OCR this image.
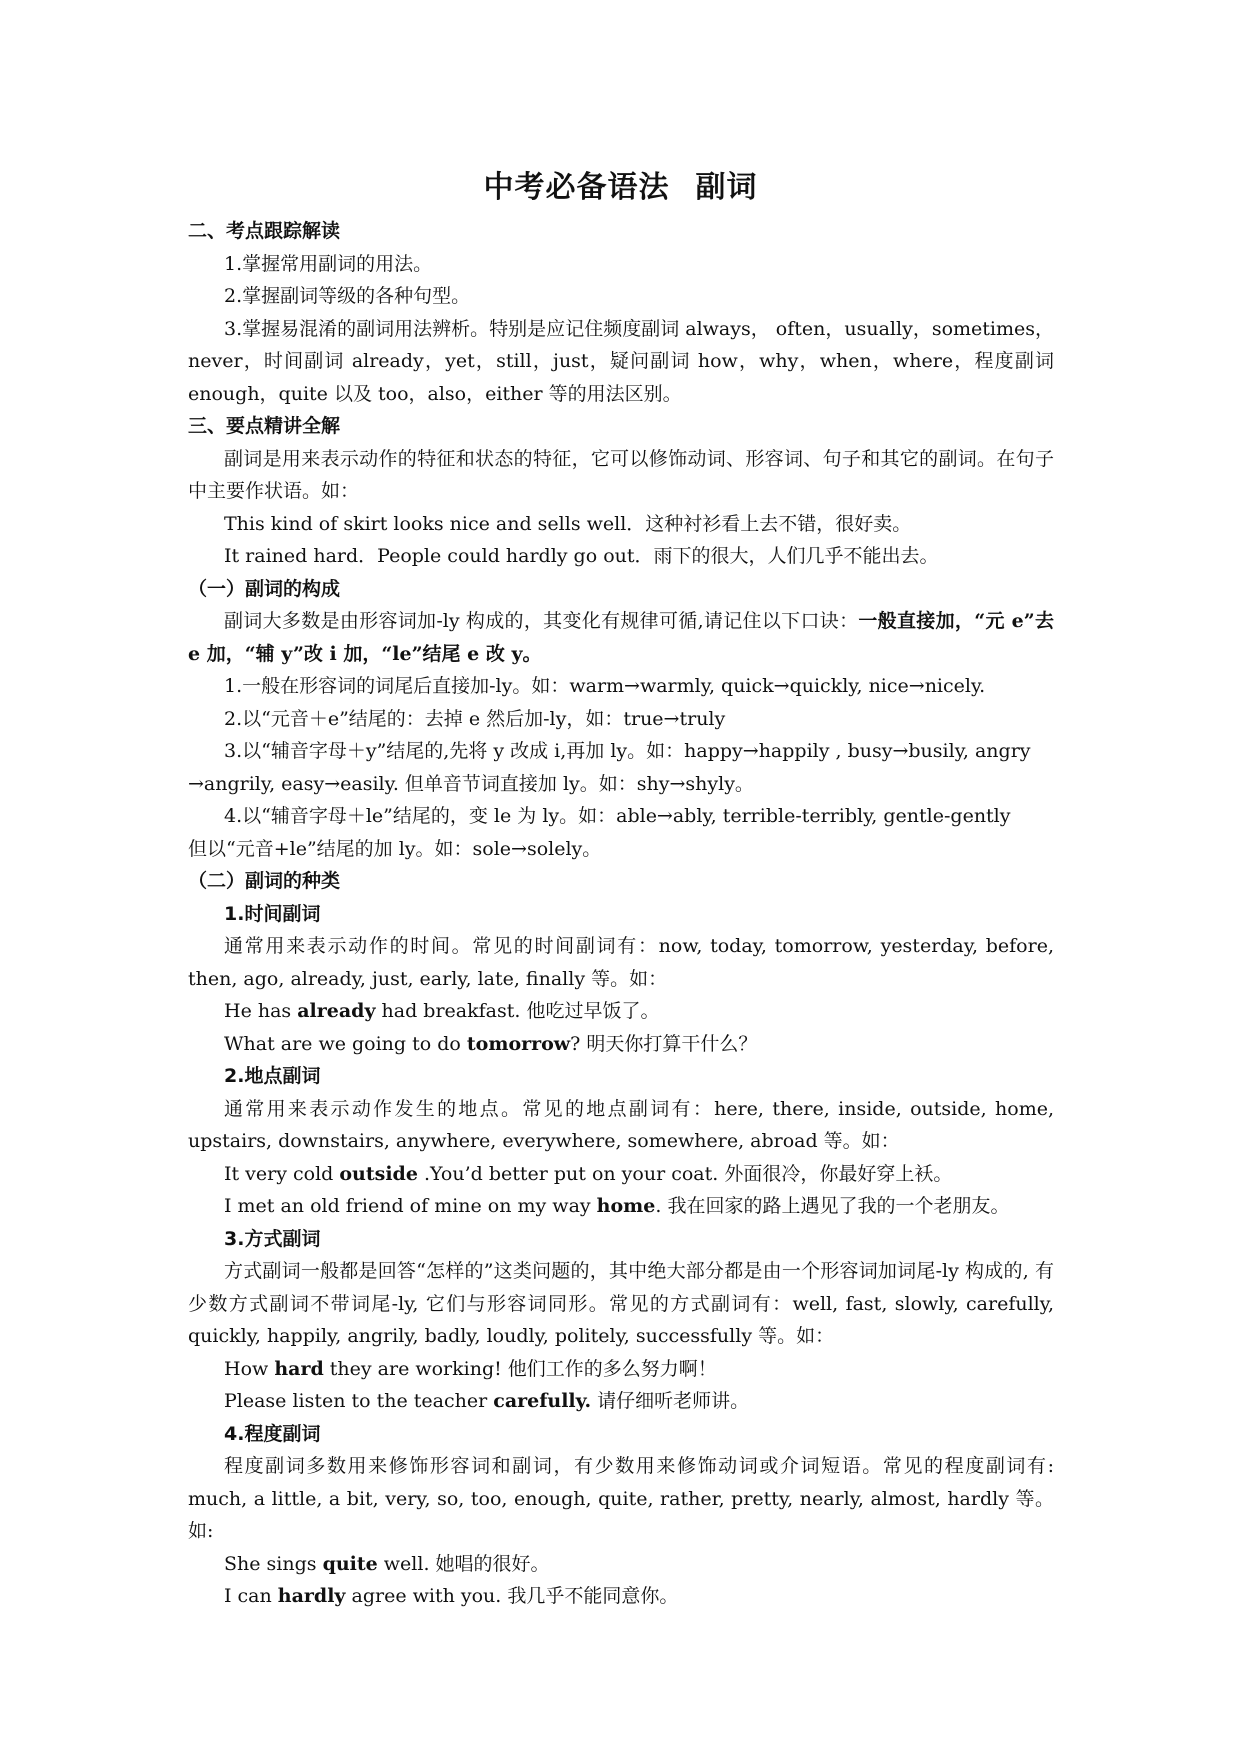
中考必备语法 副词

二、考点跟踪解读

1.掌握常用副词的用法。

2.掌握副词等级的各种句型。

3.掌握易混淆的副词用法辨析。特别是应记住频度副词 always， often，usually，sometimes，never，时间副词 already，yet，still，just，疑问副词 how，why，when，where，程度副词 enough，quite 以及 too，also，either 等的用法区别。

三、要点精讲全解

副词是用来表示动作的特征和状态的特征，它可以修饰动词、形容词、句子和其它的副词。在句子中主要作状语。如：

This kind of skirt looks nice and sells well．这种衬衫看上去不错，很好卖。

It rained hard．People could hardly go out．雨下的很大，人们几乎不能出去。

（一）副词的构成

副词大多数是由形容词加-ly 构成的，其变化有规律可循,请记住以下口诀：一般直接加，“元 e”去 e 加，“辅 y”改 i 加，“le”结尾 e 改 y。

1.一般在形容词的词尾后直接加-ly。如：warm→warmly, quick→quickly, nice→nicely.

2.以“元音＋e”结尾的：去掉 e 然后加-ly，如：true→truly

3.以“辅音字母＋y”结尾的,先将 y 改成 i,再加 ly。如：happy→happily , busy→busily, angry

→angrily, easy→easily. 但单音节词直接加 ly。如：shy→shyly。

4.以“辅音字母＋le”结尾的，变 le 为 ly。如：able→ably, terrible-terribly, gentle-gently

但以“元音+le”结尾的加 ly。如：sole→solely。

（二）副词的种类

1.时间副词

通常用来表示动作的时间。常见的时间副词有：now, today, tomorrow, yesterday, before, then, ago, already, just, early, late, finally 等。如：

He has already had breakfast. 他吃过早饭了。

What are we going to do tomorrow? 明天你打算干什么？

2.地点副词

通常用来表示动作发生的地点。常见的地点副词有：here, there, inside, outside, home, upstairs, downstairs, anywhere, everywhere, somewhere, abroad 等。如：

It very cold outside .You’d better put on your coat. 外面很冷，你最好穿上袄。

I met an old friend of mine on my way home. 我在回家的路上遇见了我的一个老朋友。

3.方式副词

方式副词一般都是回答“怎样的”这类问题的，其中绝大部分都是由一个形容词加词尾-ly 构成的, 有少数方式副词不带词尾-ly, 它们与形容词同形。常见的方式副词有：well, fast, slowly, carefully, quickly, happily, angrily, badly, loudly, politely, successfully 等。如：

How hard they are working! 他们工作的多么努力啊！

Please listen to the teacher carefully. 请仔细听老师讲。

4.程度副词

程度副词多数用来修饰形容词和副词，有少数用来修饰动词或介词短语。常见的程度副词有: much, a little, a bit, very, so, too, enough, quite, rather, pretty, nearly, almost, hardly 等。如:

She sings quite well. 她唱的很好。

I can hardly agree with you. 我几乎不能同意你。
